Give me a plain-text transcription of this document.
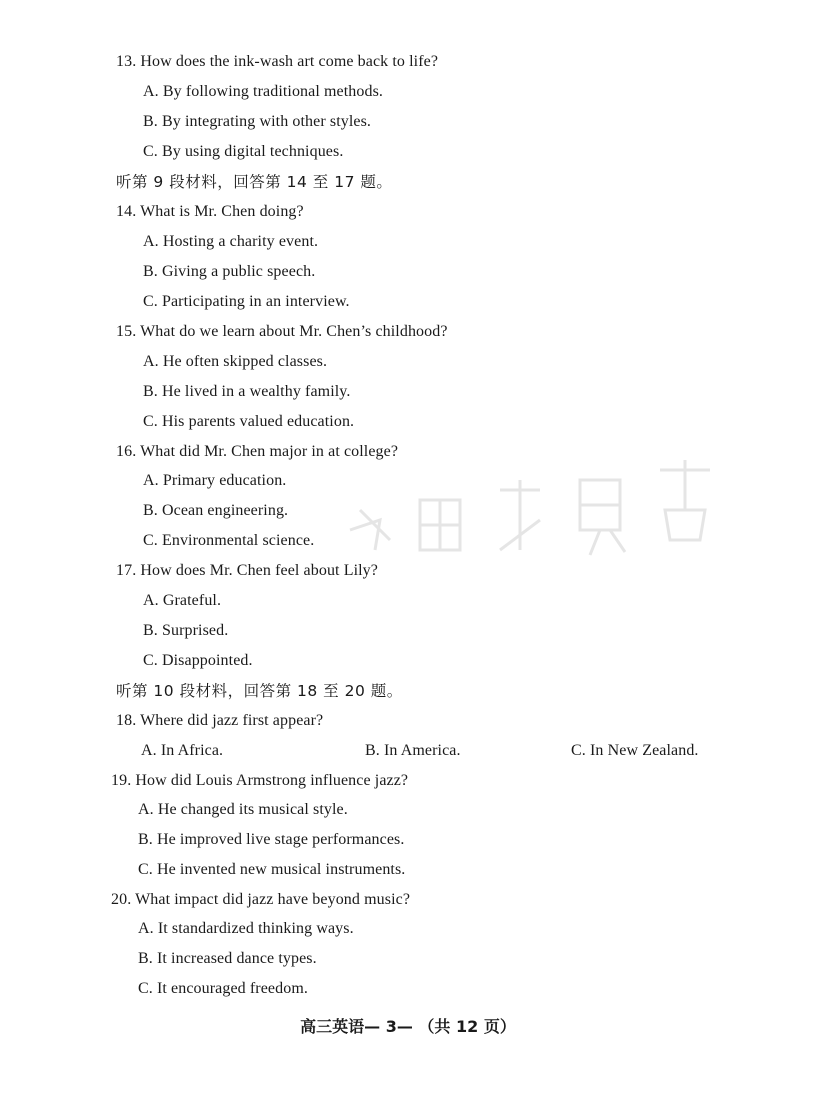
13. How does the ink-wash art come back to life?
A. By following traditional methods.
B. By integrating with other styles.
C. By using digital techniques.
听第 9 段材料，回答第 14 至 17 题。
14. What is Mr. Chen doing?
A. Hosting a charity event.
B. Giving a public speech.
C. Participating in an interview.
15. What do we learn about Mr. Chen’s childhood?
A. He often skipped classes.
B. He lived in a wealthy family.
C. His parents valued education.
16. What did Mr. Chen major in at college?
A. Primary education.
B. Ocean engineering.
C. Environmental science.
17. How does Mr. Chen feel about Lily?
A. Grateful.
B. Surprised.
C. Disappointed.
听第 10 段材料，回答第 18 至 20 题。
18. Where did jazz first appear?
A. In Africa.	B. In America.	C. In New Zealand.
19. How did Louis Armstrong influence jazz?
A. He changed its musical style.
B. He improved live stage performances.
C. He invented new musical instruments.
20. What impact did jazz have beyond music?
A. It standardized thinking ways.
B. It increased dance types.
C. It encouraged freedom.
高三英语— 3— （共 12 页）
